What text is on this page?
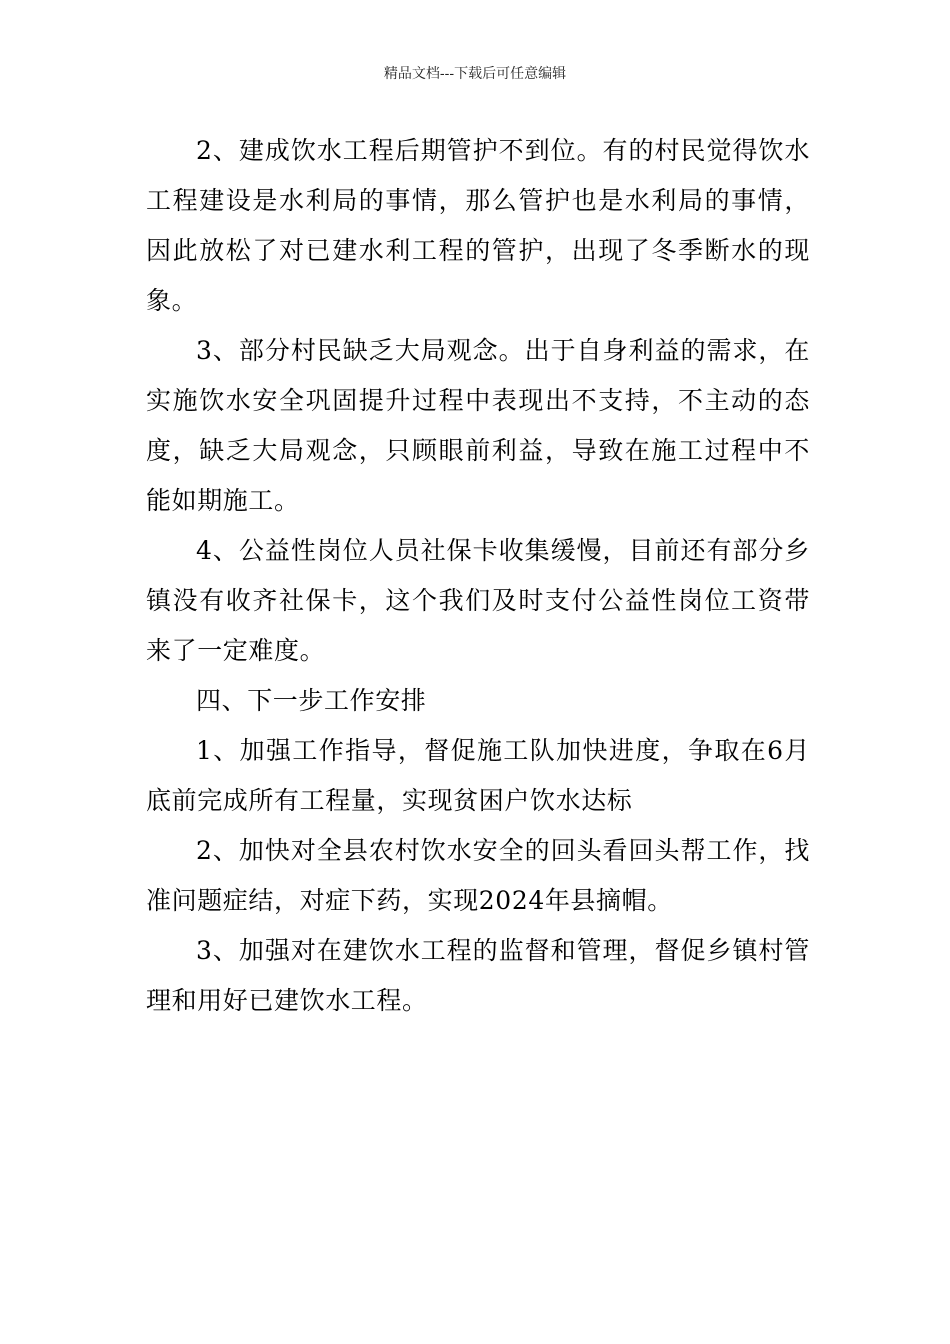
精品文档---下载后可任意编辑

2、建成饮水工程后期管护不到位。有的村民觉得饮水工程建设是水利局的事情，那么管护也是水利局的事情，因此放松了对已建水利工程的管护，出现了冬季断水的现象。

3、部分村民缺乏大局观念。出于自身利益的需求，在实施饮水安全巩固提升过程中表现出不支持，不主动的态度，缺乏大局观念，只顾眼前利益，导致在施工过程中不能如期施工。

4、公益性岗位人员社保卡收集缓慢，目前还有部分乡镇没有收齐社保卡，这个我们及时支付公益性岗位工资带来了一定难度。

四、下一步工作安排

1、加强工作指导，督促施工队加快进度，争取在6月底前完成所有工程量，实现贫困户饮水达标

2、加快对全县农村饮水安全的回头看回头帮工作，找准问题症结，对症下药，实现2024年县摘帽。

3、加强对在建饮水工程的监督和管理，督促乡镇村管理和用好已建饮水工程。
